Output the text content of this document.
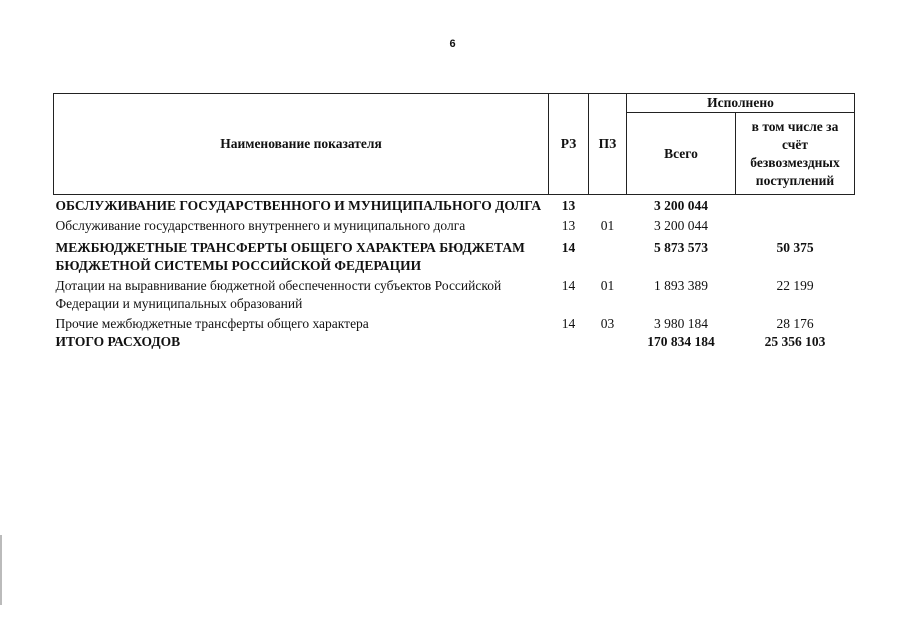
6
Наименование показателя	РЗ	ПЗ	Исполнено	
			Всего	в том числе за счёт безвозмездных поступлений
ОБСЛУЖИВАНИЕ ГОСУДАРСТВЕННОГО И МУНИЦИПАЛЬНОГО ДОЛГА	13		3 200 044	
Обслуживание государственного внутреннего и муниципального долга	13	01	3 200 044	
МЕЖБЮДЖЕТНЫЕ ТРАНСФЕРТЫ ОБЩЕГО ХАРАКТЕРА БЮДЖЕТАМ БЮДЖЕТНОЙ СИСТЕМЫ РОССИЙСКОЙ ФЕДЕРАЦИИ	14		5 873 573	50 375
Дотации на выравнивание бюджетной обеспеченности субъектов Российской Федерации и муниципальных образований	14	01	1 893 389	22 199
Прочие межбюджетные трансферты общего характера	14	03	3 980 184	28 176
ИТОГО РАСХОДОВ			170 834 184	25 356 103
